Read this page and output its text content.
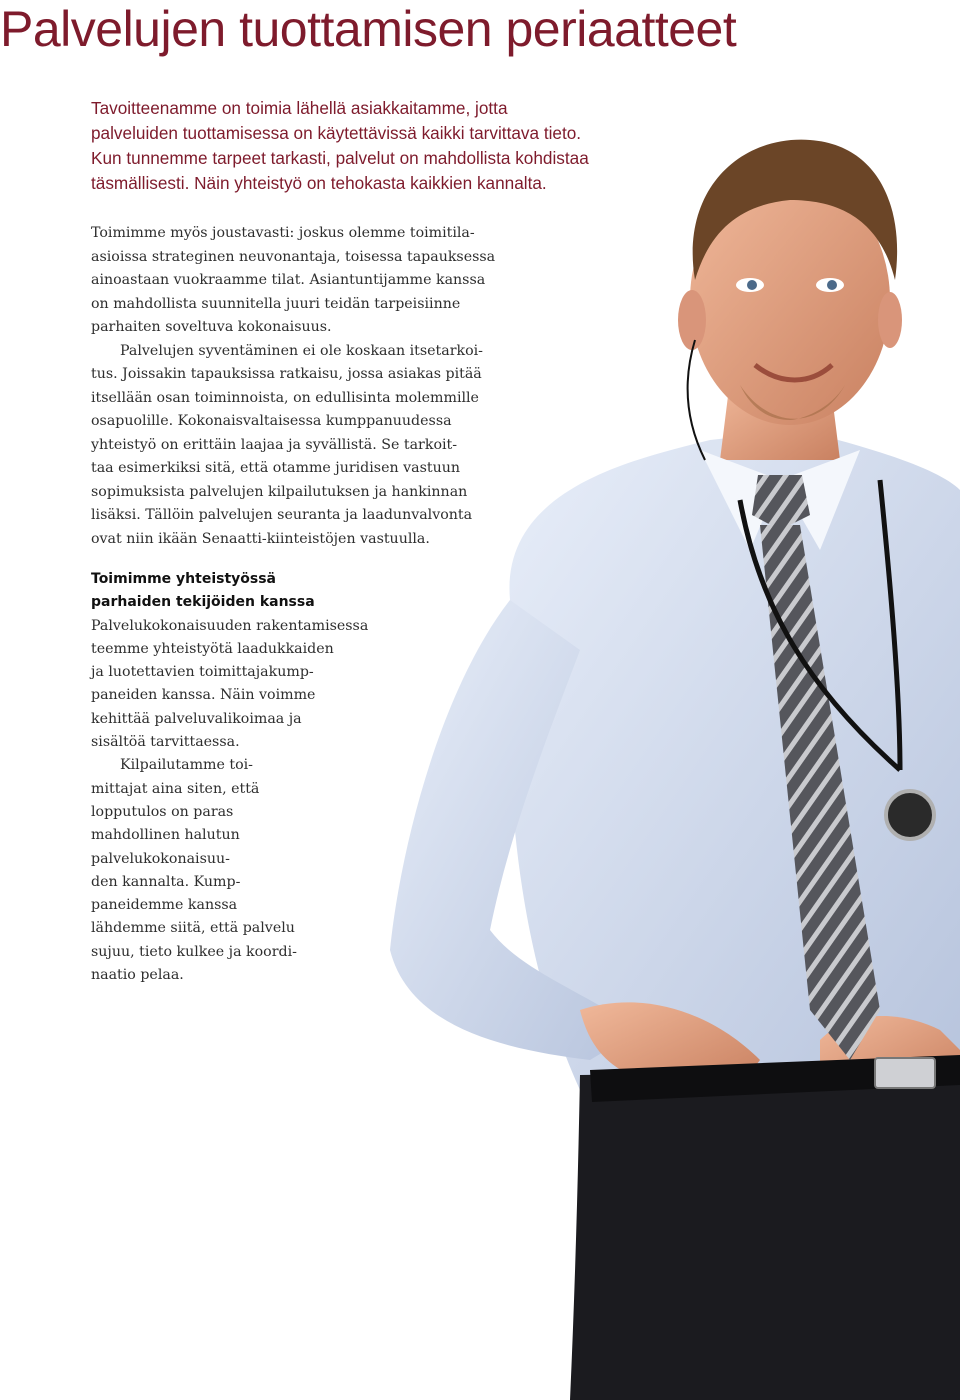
Palvelujen tuottamisen periaatteet
Tavoitteenamme on toimia lähellä asiakkaitamme, jotta
palveluiden tuottamisessa on käytettävissä kaikki tarvittava tieto.
Kun tunnemme tarpeet tarkasti, palvelut on mahdollista kohdistaa
täsmällisesti. Näin yhteistyö on tehokasta kaikkien kannalta.
Toimimme myös joustavasti: joskus olemme toimitila-
asioissa strateginen neuvonantaja, toisessa tapauksessa
ainoastaan vuokraamme tilat. Asiantuntijamme kanssa
on mahdollista suunnitella juuri teidän tarpeisiinne
parhaiten soveltuva kokonaisuus.
Palvelujen syventäminen ei ole koskaan itsetarkoi-
tus. Joissakin tapauksissa ratkaisu, jossa asiakas pitää
itsellään osan toiminnoista, on edullisinta molemmille
osapuolille. Kokonaisvaltaisessa kumppanuudessa
yhteistyö on erittäin laajaa ja syvällistä. Se tarkoit-
taa esimerkiksi sitä, että otamme juridisen vastuun
sopimuksista palvelujen kilpailutuksen ja hankinnan
lisäksi. Tällöin palvelujen seuranta ja laadunvalvonta
ovat niin ikään Senaatti-kiinteistöjen vastuulla.
Toimimme yhteistyössä
parhaiden tekijöiden kanssa
Palvelukokonaisuuden rakentamisessa
teemme yhteistyötä laadukkaiden
ja luotettavien toimittajakump-
paneiden kanssa. Näin voimme
kehittää palveluvalikoimaa ja
sisältöä tarvittaessa.
Kilpailutamme toi-
mittajat aina siten, että
lopputulos on paras
mahdollinen halutun
palvelukokonaisuu-
den kannalta. Kump-
paneidemme kanssa
lähdemme siitä, että palvelu
sujuu, tieto kulkee ja koordi-
naatio pelaa.
